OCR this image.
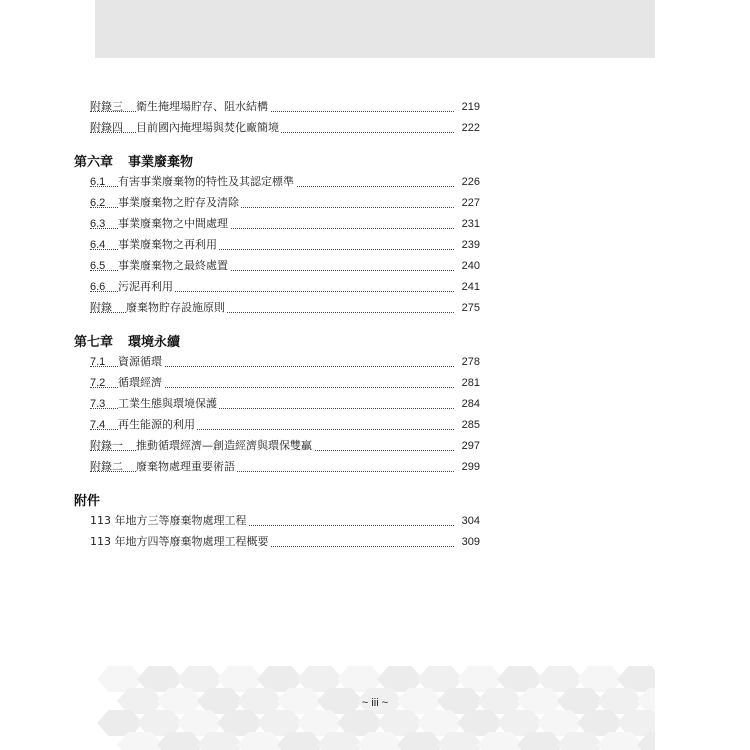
附錄三	衛生掩埋場貯存、阻水結構	219
附錄四	目前國內掩埋場與焚化廠簡境	222
第六章 事業廢棄物
6.1	有害事業廢棄物的特性及其認定標準	226
6.2	事業廢棄物之貯存及清除	227
6.3	事業廢棄物之中間處理	231
6.4	事業廢棄物之再利用	239
6.5	事業廢棄物之最終處置	240
6.6	污泥再利用	241
附錄	廢棄物貯存設施原則	275
第七章 環境永續
7.1	資源循環	278
7.2	循環經濟	281
7.3	工業生態與環境保護	284
7.4	再生能源的利用	285
附錄一	推動循環經濟—創造經濟與環保雙贏	297
附錄二	廢棄物處理重要術語	299
附件
113 年地方三等廢棄物處理工程	304
113 年地方四等廢棄物處理工程概要	309
~ iii ~
